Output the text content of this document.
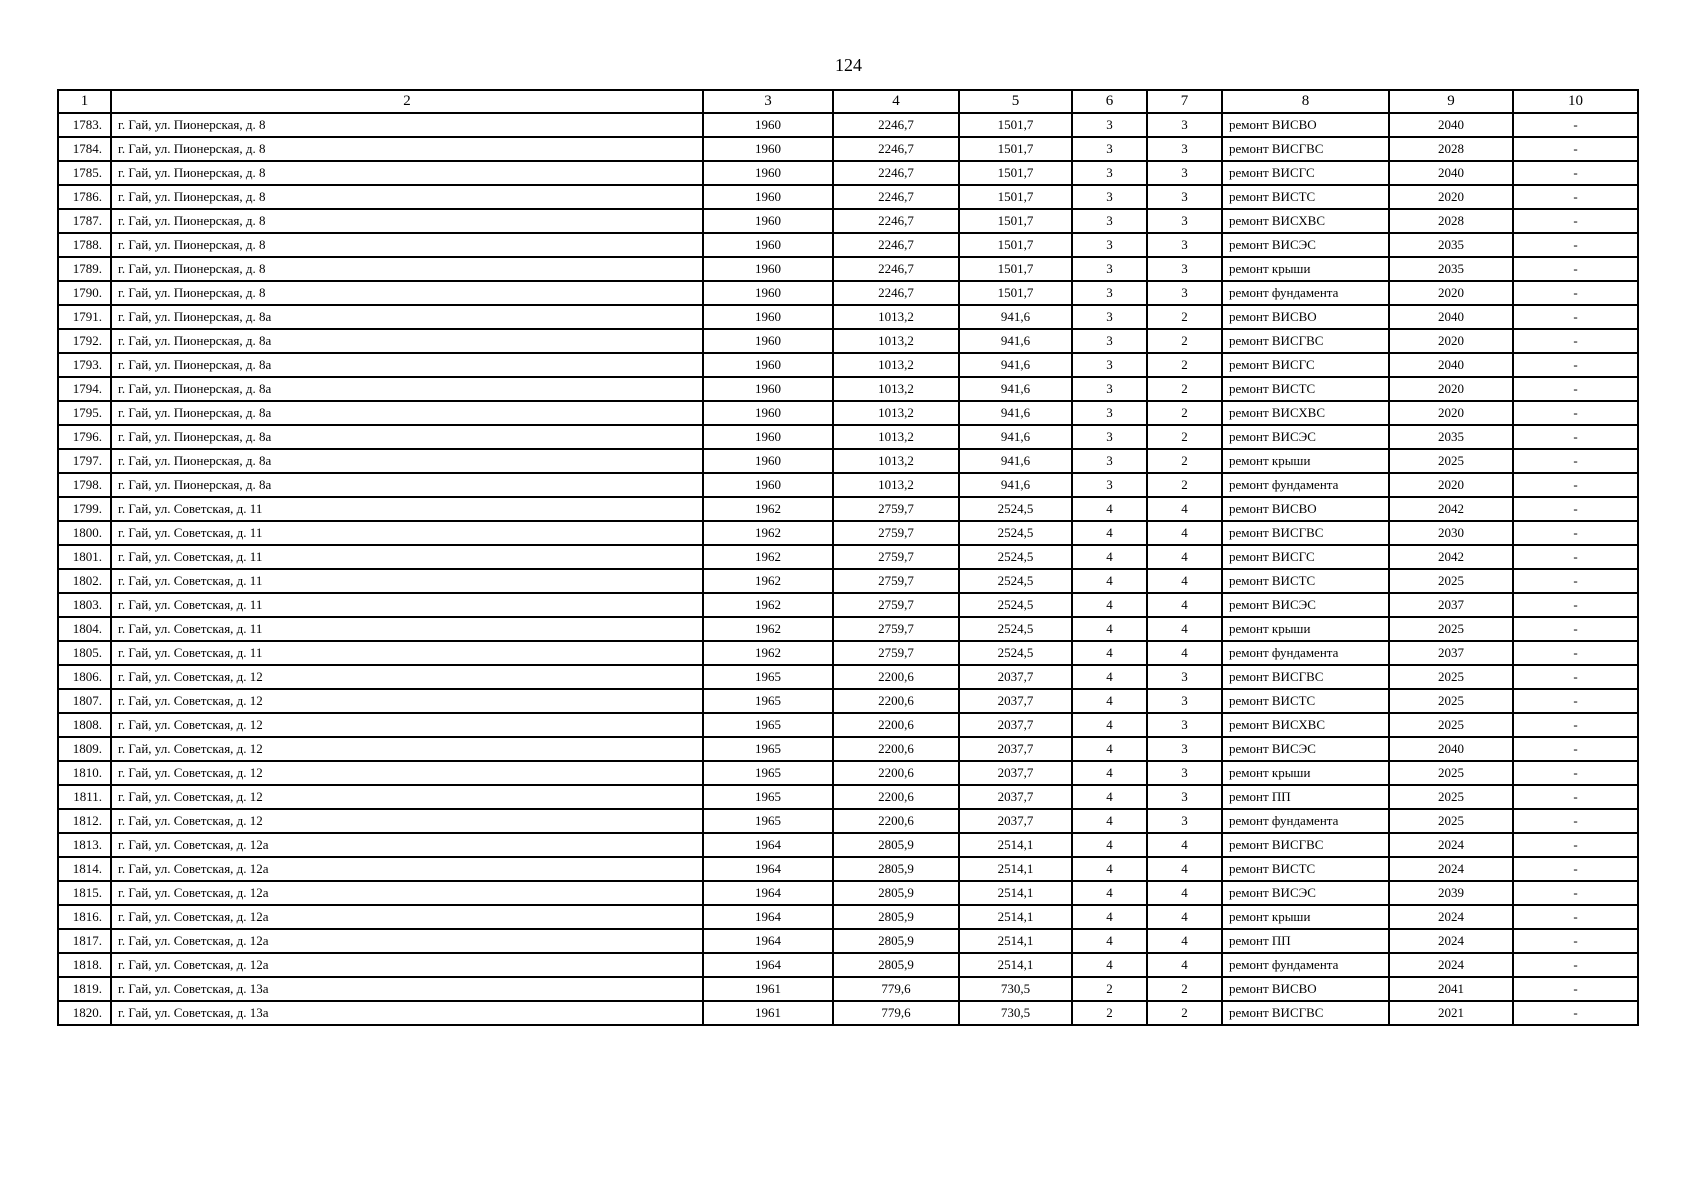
124
1	2	3	4	5	6	7	8	9	10
1783.	г. Гай, ул. Пионерская, д. 8	1960	2246,7	1501,7	3	3	ремонт ВИСВО	2040	-
1784.	г. Гай, ул. Пионерская, д. 8	1960	2246,7	1501,7	3	3	ремонт ВИСГВС	2028	-
1785.	г. Гай, ул. Пионерская, д. 8	1960	2246,7	1501,7	3	3	ремонт ВИСГС	2040	-
1786.	г. Гай, ул. Пионерская, д. 8	1960	2246,7	1501,7	3	3	ремонт ВИСТС	2020	-
1787.	г. Гай, ул. Пионерская, д. 8	1960	2246,7	1501,7	3	3	ремонт ВИСХВС	2028	-
1788.	г. Гай, ул. Пионерская, д. 8	1960	2246,7	1501,7	3	3	ремонт ВИСЭС	2035	-
1789.	г. Гай, ул. Пионерская, д. 8	1960	2246,7	1501,7	3	3	ремонт крыши	2035	-
1790.	г. Гай, ул. Пионерская, д. 8	1960	2246,7	1501,7	3	3	ремонт фундамента	2020	-
1791.	г. Гай, ул. Пионерская, д. 8а	1960	1013,2	941,6	3	2	ремонт ВИСВО	2040	-
1792.	г. Гай, ул. Пионерская, д. 8а	1960	1013,2	941,6	3	2	ремонт ВИСГВС	2020	-
1793.	г. Гай, ул. Пионерская, д. 8а	1960	1013,2	941,6	3	2	ремонт ВИСГС	2040	-
1794.	г. Гай, ул. Пионерская, д. 8а	1960	1013,2	941,6	3	2	ремонт ВИСТС	2020	-
1795.	г. Гай, ул. Пионерская, д. 8а	1960	1013,2	941,6	3	2	ремонт ВИСХВС	2020	-
1796.	г. Гай, ул. Пионерская, д. 8а	1960	1013,2	941,6	3	2	ремонт ВИСЭС	2035	-
1797.	г. Гай, ул. Пионерская, д. 8а	1960	1013,2	941,6	3	2	ремонт крыши	2025	-
1798.	г. Гай, ул. Пионерская, д. 8а	1960	1013,2	941,6	3	2	ремонт фундамента	2020	-
1799.	г. Гай, ул. Советская, д. 11	1962	2759,7	2524,5	4	4	ремонт ВИСВО	2042	-
1800.	г. Гай, ул. Советская, д. 11	1962	2759,7	2524,5	4	4	ремонт ВИСГВС	2030	-
1801.	г. Гай, ул. Советская, д. 11	1962	2759,7	2524,5	4	4	ремонт ВИСГС	2042	-
1802.	г. Гай, ул. Советская, д. 11	1962	2759,7	2524,5	4	4	ремонт ВИСТС	2025	-
1803.	г. Гай, ул. Советская, д. 11	1962	2759,7	2524,5	4	4	ремонт ВИСЭС	2037	-
1804.	г. Гай, ул. Советская, д. 11	1962	2759,7	2524,5	4	4	ремонт крыши	2025	-
1805.	г. Гай, ул. Советская, д. 11	1962	2759,7	2524,5	4	4	ремонт фундамента	2037	-
1806.	г. Гай, ул. Советская, д. 12	1965	2200,6	2037,7	4	3	ремонт ВИСГВС	2025	-
1807.	г. Гай, ул. Советская, д. 12	1965	2200,6	2037,7	4	3	ремонт ВИСТС	2025	-
1808.	г. Гай, ул. Советская, д. 12	1965	2200,6	2037,7	4	3	ремонт ВИСХВС	2025	-
1809.	г. Гай, ул. Советская, д. 12	1965	2200,6	2037,7	4	3	ремонт ВИСЭС	2040	-
1810.	г. Гай, ул. Советская, д. 12	1965	2200,6	2037,7	4	3	ремонт крыши	2025	-
1811.	г. Гай, ул. Советская, д. 12	1965	2200,6	2037,7	4	3	ремонт ПП	2025	-
1812.	г. Гай, ул. Советская, д. 12	1965	2200,6	2037,7	4	3	ремонт фундамента	2025	-
1813.	г. Гай, ул. Советская, д. 12а	1964	2805,9	2514,1	4	4	ремонт ВИСГВС	2024	-
1814.	г. Гай, ул. Советская, д. 12а	1964	2805,9	2514,1	4	4	ремонт ВИСТС	2024	-
1815.	г. Гай, ул. Советская, д. 12а	1964	2805,9	2514,1	4	4	ремонт ВИСЭС	2039	-
1816.	г. Гай, ул. Советская, д. 12а	1964	2805,9	2514,1	4	4	ремонт крыши	2024	-
1817.	г. Гай, ул. Советская, д. 12а	1964	2805,9	2514,1	4	4	ремонт ПП	2024	-
1818.	г. Гай, ул. Советская, д. 12а	1964	2805,9	2514,1	4	4	ремонт фундамента	2024	-
1819.	г. Гай, ул. Советская, д. 13а	1961	779,6	730,5	2	2	ремонт ВИСВО	2041	-
1820.	г. Гай, ул. Советская, д. 13а	1961	779,6	730,5	2	2	ремонт ВИСГВС	2021	-
